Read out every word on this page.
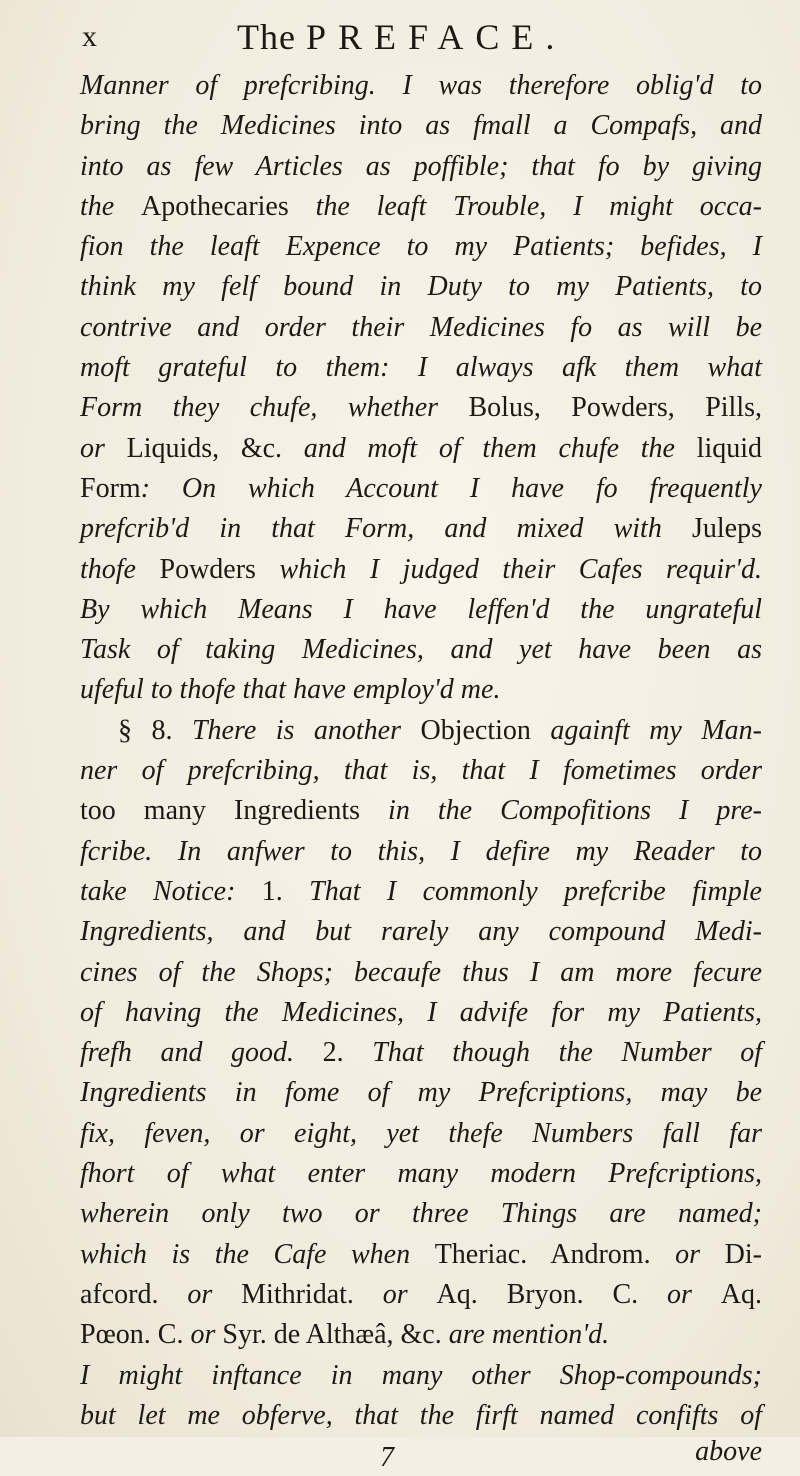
x	The PREFACE.
Manner of prefcribing. I was therefore oblig'd to
bring the Medicines into as fmall a Compafs, and
into as few Articles as poffible; that fo by giving
the Apothecaries the leaft Trouble, I might occa-
fion the leaft Expence to my Patients; befides, I
think my felf bound in Duty to my Patients, to
contrive and order their Medicines fo as will be
moft grateful to them: I always afk them what
Form they chufe, whether Bolus, Powders, Pills,
or Liquids, &c. and moft of them chufe the liquid
Form: On which Account I have fo frequently
prefcrib'd in that Form, and mixed with Juleps
thofe Powders which I judged their Cafes requir'd.
By which Means I have leffen'd the ungrateful
Task of taking Medicines, and yet have been as
ufeful to thofe that have employ'd me.
§ 8. There is another Objection againft my Man-
ner of prefcribing, that is, that I fometimes order
too many Ingredients in the Compofitions I pre-
fcribe. In anfwer to this, I defire my Reader to
take Notice: 1. That I commonly prefcribe fimple
Ingredients, and but rarely any compound Medi-
cines of the Shops; becaufe thus I am more fecure
of having the Medicines, I advife for my Patients,
frefh and good. 2. That though the Number of
Ingredients in fome of my Prefcriptions, may be
fix, feven, or eight, yet thefe Numbers fall far
fhort of what enter many modern Prefcriptions,
wherein only two or three Things are named;
which is the Cafe when Theriac. Androm. or Di-
afcord. or Mithridat. or Aq. Bryon. C. or Aq.
Pœon. C. or Syr. de Althæâ, &c. are mention'd.
I might inftance in many other Shop-compounds;
but let me obferve, that the firft named confifts of
7	above
